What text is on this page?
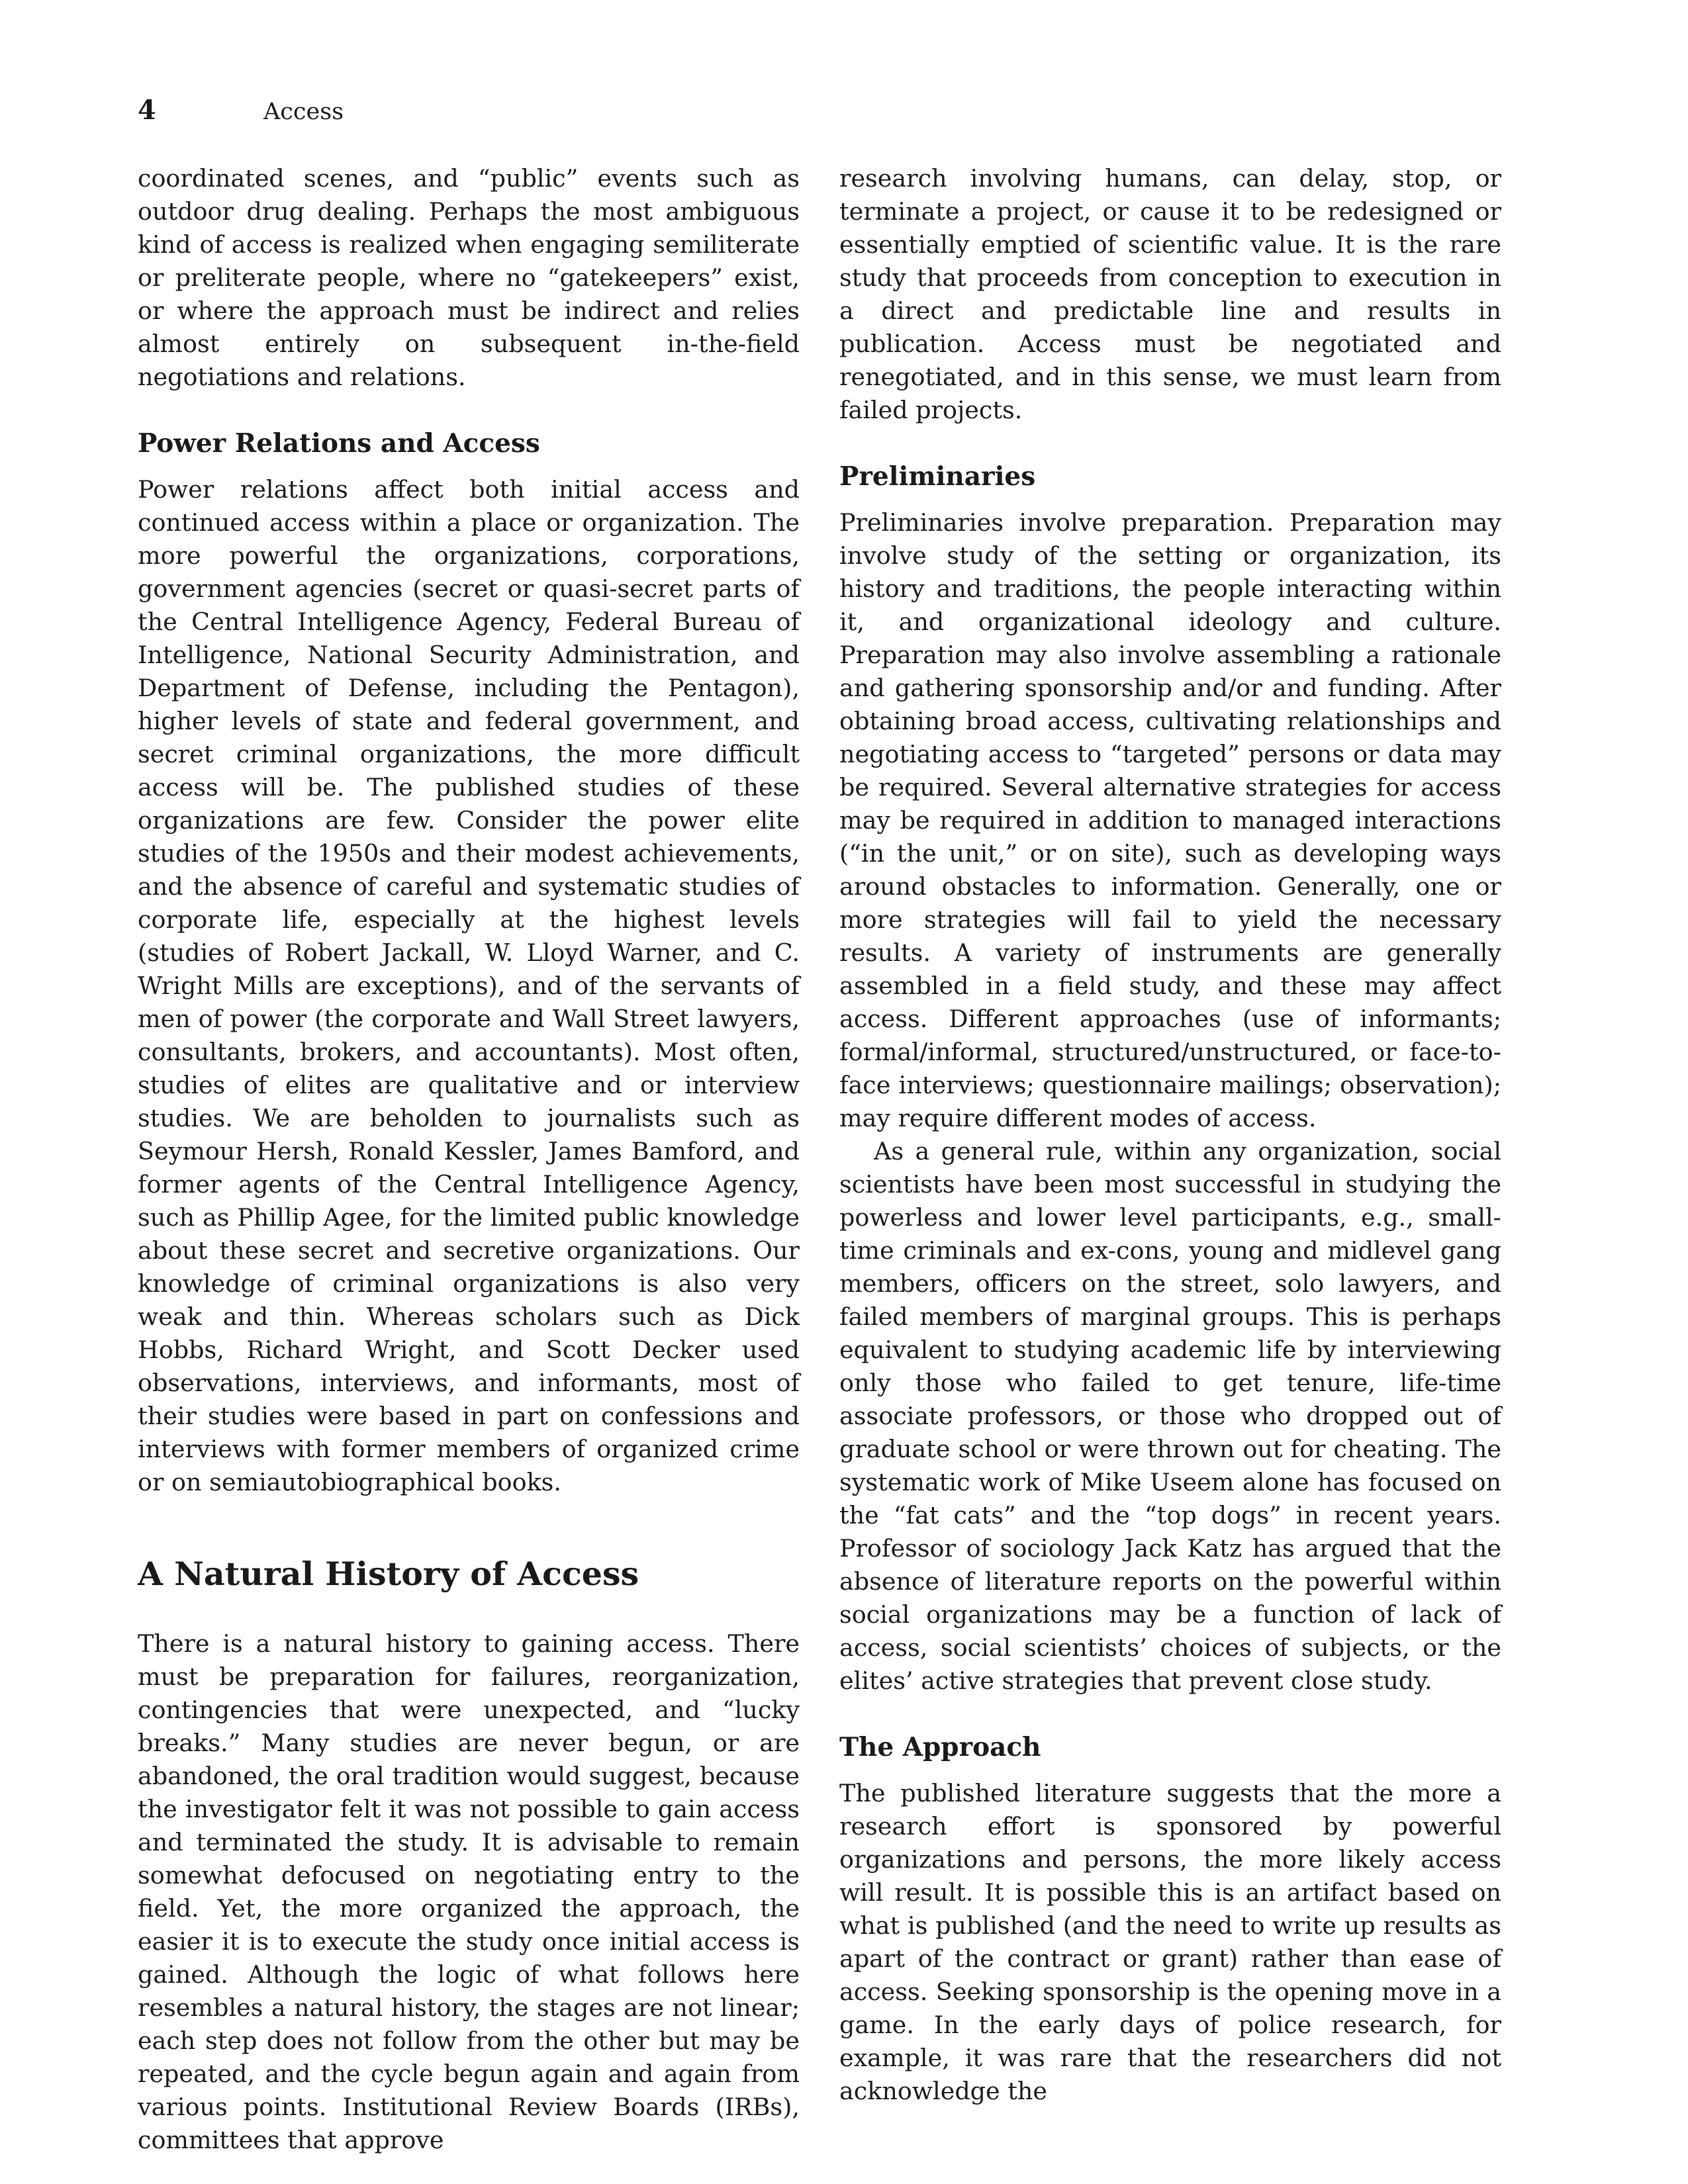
4	Access

coordinated scenes, and “public” events such as outdoor drug dealing. Perhaps the most ambiguous kind of access is realized when engaging semiliterate or preliterate people, where no “gatekeepers” exist, or where the approach must be indirect and relies almost entirely on subsequent in-the-field negotiations and relations.

Power Relations and Access

Power relations affect both initial access and continued access within a place or organization. The more powerful the organizations, corporations, government agencies (secret or quasi-secret parts of the Central Intelligence Agency, Federal Bureau of Intelligence, National Security Administration, and Department of Defense, including the Pentagon), higher levels of state and federal government, and secret criminal organizations, the more difficult access will be. The published studies of these organizations are few. Consider the power elite studies of the 1950s and their modest achievements, and the absence of careful and systematic studies of corporate life, especially at the highest levels (studies of Robert Jackall, W. Lloyd Warner, and C. Wright Mills are exceptions), and of the servants of men of power (the corporate and Wall Street lawyers, consultants, brokers, and accountants). Most often, studies of elites are qualitative and or interview studies. We are beholden to journalists such as Seymour Hersh, Ronald Kessler, James Bamford, and former agents of the Central Intelligence Agency, such as Phillip Agee, for the limited public knowledge about these secret and secretive organizations. Our knowledge of criminal organizations is also very weak and thin. Whereas scholars such as Dick Hobbs, Richard Wright, and Scott Decker used observations, interviews, and informants, most of their studies were based in part on confessions and interviews with former members of organized crime or on semiautobiographical books.

A Natural History of Access

There is a natural history to gaining access. There must be preparation for failures, reorganization, contingencies that were unexpected, and “lucky breaks.” Many studies are never begun, or are abandoned, the oral tradition would suggest, because the investigator felt it was not possible to gain access and terminated the study. It is advisable to remain somewhat defocused on negotiating entry to the field. Yet, the more organized the approach, the easier it is to execute the study once initial access is gained. Although the logic of what follows here resembles a natural history, the stages are not linear; each step does not follow from the other but may be repeated, and the cycle begun again and again from various points. Institutional Review Boards (IRBs), committees that approve

research involving humans, can delay, stop, or terminate a project, or cause it to be redesigned or essentially emptied of scientific value. It is the rare study that proceeds from conception to execution in a direct and predictable line and results in publication. Access must be negotiated and renegotiated, and in this sense, we must learn from failed projects.

Preliminaries

Preliminaries involve preparation. Preparation may involve study of the setting or organization, its history and traditions, the people interacting within it, and organizational ideology and culture. Preparation may also involve assembling a rationale and gathering sponsorship and/or and funding. After obtaining broad access, cultivating relationships and negotiating access to “targeted” persons or data may be required. Several alternative strategies for access may be required in addition to managed interactions (“in the unit,” or on site), such as developing ways around obstacles to information. Generally, one or more strategies will fail to yield the necessary results. A variety of instruments are generally assembled in a field study, and these may affect access. Different approaches (use of informants; formal/informal, structured/unstructured, or face-to-face interviews; questionnaire mailings; observation); may require different modes of access.

As a general rule, within any organization, social scientists have been most successful in studying the powerless and lower level participants, e.g., small-time criminals and ex-cons, young and midlevel gang members, officers on the street, solo lawyers, and failed members of marginal groups. This is perhaps equivalent to studying academic life by interviewing only those who failed to get tenure, life-time associate professors, or those who dropped out of graduate school or were thrown out for cheating. The systematic work of Mike Useem alone has focused on the “fat cats” and the “top dogs” in recent years. Professor of sociology Jack Katz has argued that the absence of literature reports on the powerful within social organizations may be a function of lack of access, social scientists’ choices of subjects, or the elites’ active strategies that prevent close study.

The Approach

The published literature suggests that the more a research effort is sponsored by powerful organizations and persons, the more likely access will result. It is possible this is an artifact based on what is published (and the need to write up results as apart of the contract or grant) rather than ease of access. Seeking sponsorship is the opening move in a game. In the early days of police research, for example, it was rare that the researchers did not acknowledge the
